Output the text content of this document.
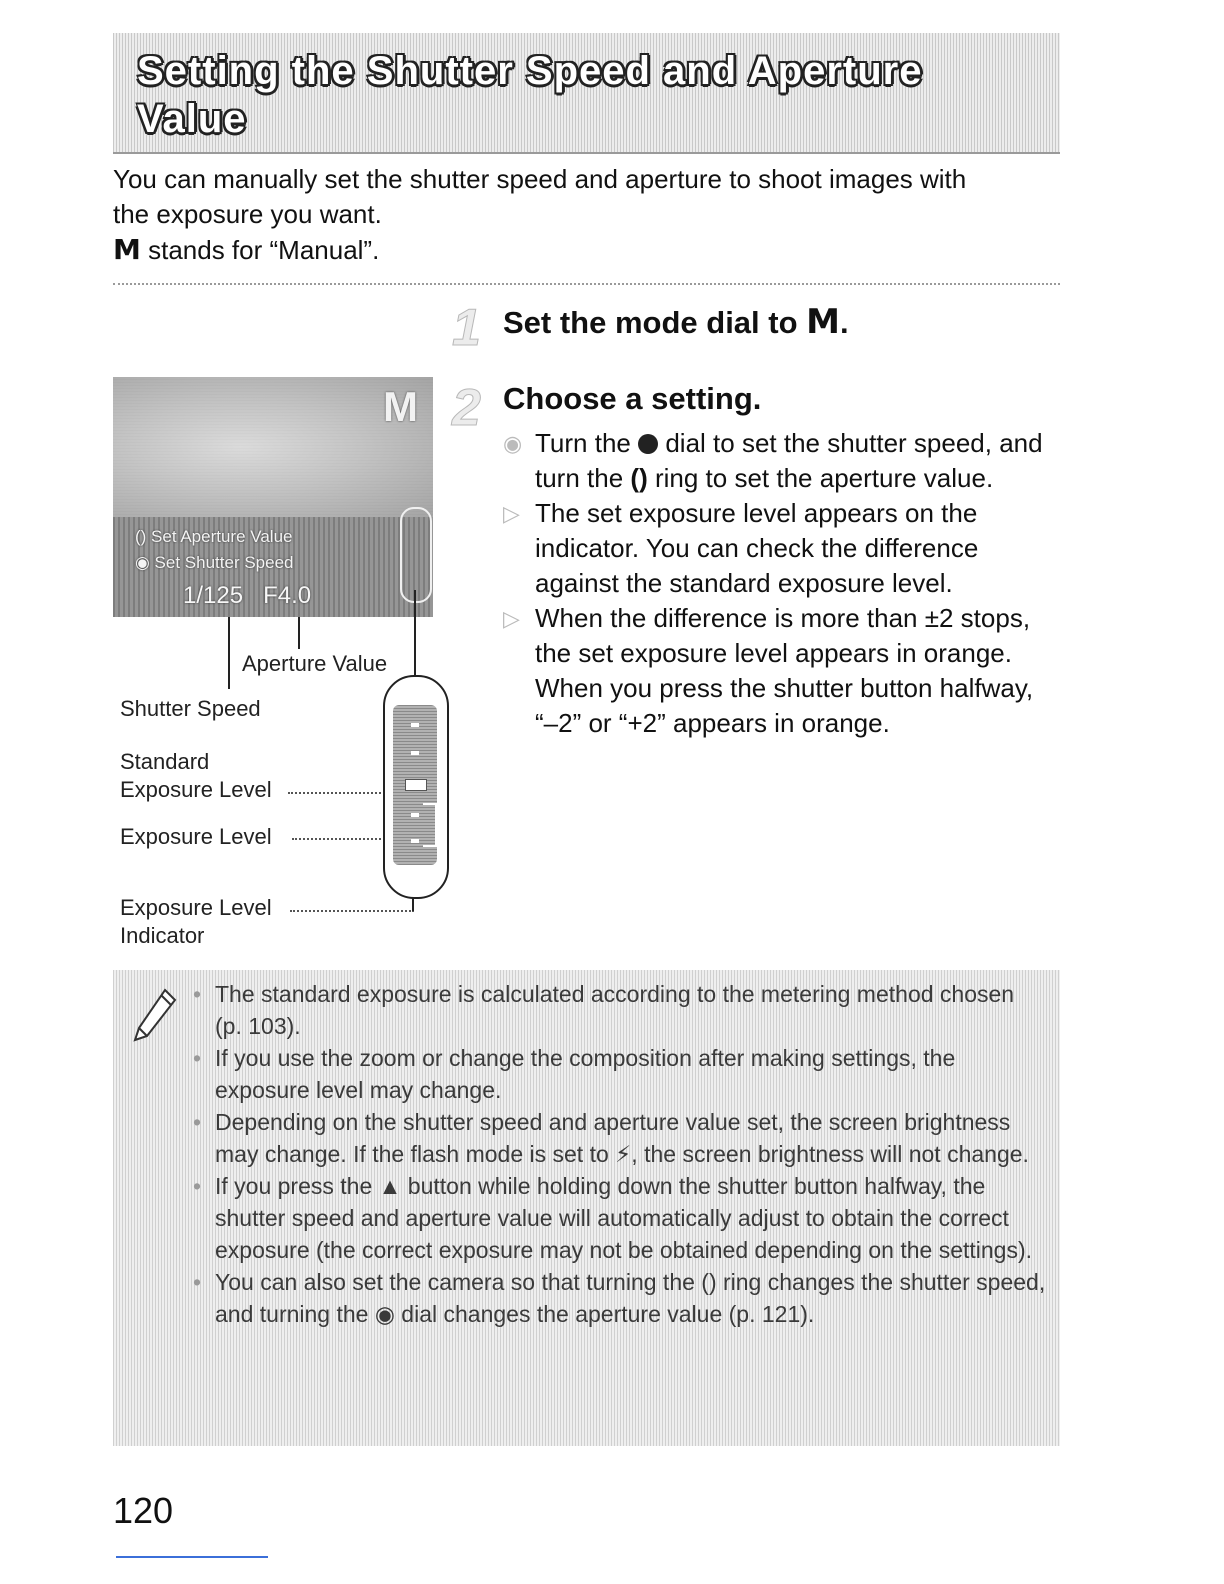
Setting the Shutter Speed and Aperture Value

You can manually set the shutter speed and aperture to shoot images with

the exposure you want.

M stands for “Manual”.

1 Set the mode dial to M.
2 Choose a setting.
M
() Set Aperture Value
◉ Set Shutter Speed
1/125 F4.0
Aperture Value
Shutter Speed
Standard
Exposure Level
Exposure Level
Exposure Level
Indicator

◉ Turn the dial to set the shutter speed, and turn the () ring to set the aperture value.

▷ The set exposure level appears on the indicator. You can check the difference against the standard exposure level.

▷ When the difference is more than ±2 stops, the set exposure level appears in orange. When you press the shutter button halfway, “–2” or “+2” appears in orange.

• The standard exposure is calculated according to the metering method chosen (p. 103).

• If you use the zoom or change the composition after making settings, the exposure level may change.

• Depending on the shutter speed and aperture value set, the screen brightness may change. If the flash mode is set to ⚡, the screen brightness will not change.

• If you press the ▲ button while holding down the shutter button halfway, the shutter speed and aperture value will automatically adjust to obtain the correct exposure (the correct exposure may not be obtained depending on the settings).

• You can also set the camera so that turning the () ring changes the shutter speed, and turning the ◉ dial changes the aperture value (p. 121).

120
